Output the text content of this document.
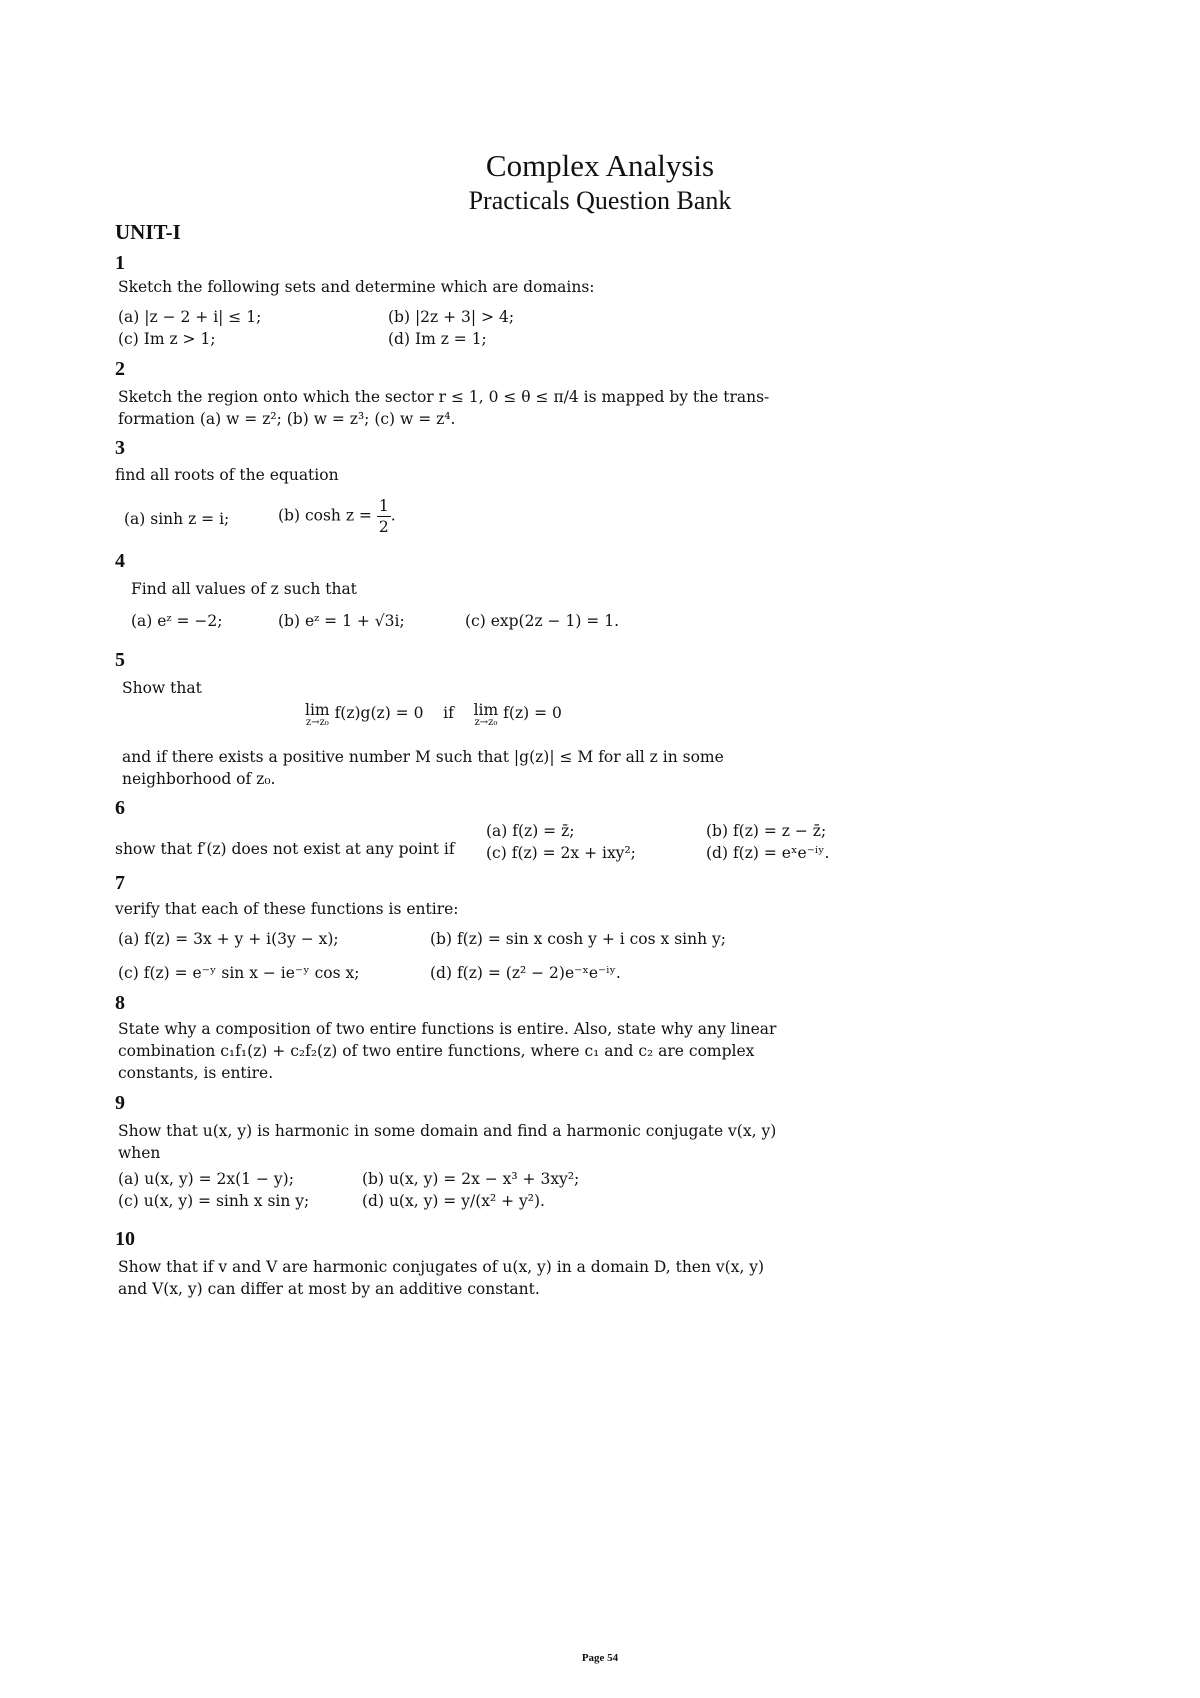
Complex Analysis
Practicals Question Bank
UNIT-I
1
Sketch the following sets and determine which are domains:
(a) |z − 2 + i| ≤ 1;	(b) |2z + 3| > 4;
(c) Im z > 1;	(d) Im z = 1;
2
Sketch the region onto which the sector r ≤ 1, 0 ≤ θ ≤ π/4 is mapped by the trans-
formation (a) w = z²; (b) w = z³; (c) w = z⁴.
3
find all roots of the equation
(a) sinh z = i;	(b) $\cosh z = \frac{1}{2}$ .
4
Find all values of z such that
(a) eᶻ = −2;	(b) eᶻ = 1 + √3i;	(c) exp(2z − 1) = 1.
5
Show that
lim
z→z₀
f(z)g(z) = 0 if lim
z→z₀
f(z) = 0
and if there exists a positive number M such that |g(z)| ≤ M for all z in some
neighborhood of z₀.
6
show that f′(z) does not exist at any point if
(a) f(z) = z̄;	(b) f(z) = z − z̄;
(c) f(z) = 2x + ixy²;	(d) f(z) = eˣe⁻ⁱʸ.
7
verify that each of these functions is entire:
(a) f(z) = 3x + y + i(3y − x);	(b) f(z) = sin x cosh y + i cos x sinh y;
(c) f(z) = e⁻ʸ sin x − ie⁻ʸ cos x;	(d) f(z) = (z² − 2)e⁻ˣe⁻ⁱʸ.
8
State why a composition of two entire functions is entire. Also, state why any linear
combination c₁f₁(z) + c₂f₂(z) of two entire functions, where c₁ and c₂ are complex
constants, is entire.
9
Show that u(x, y) is harmonic in some domain and find a harmonic conjugate v(x, y)
when
(a) u(x, y) = 2x(1 − y);	(b) u(x, y) = 2x − x³ + 3xy²;
(c) u(x, y) = sinh x sin y;	(d) u(x, y) = y/(x² + y²).
10
Show that if v and V are harmonic conjugates of u(x, y) in a domain D, then v(x, y)
and V(x, y) can differ at most by an additive constant.
Page 54
